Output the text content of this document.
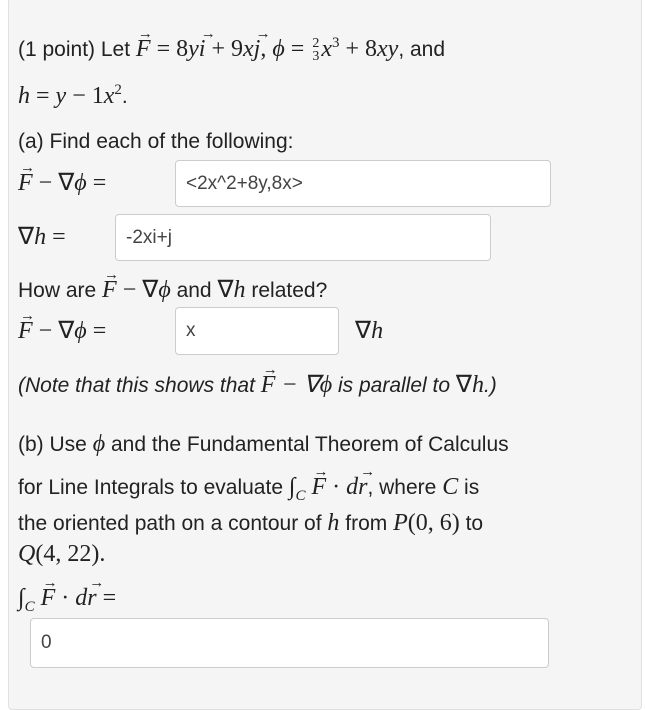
(1 point) Let → F = 8y→ i + 9x→ j, ϕ = 2
$3x^3 + 8xy$, and
$h = y - 1x^2$.
(a) Find each of the following:
→ F − ∇ϕ =	<2x^2+8y,8x>
∇h =	-2xi+j
How are → F − ∇ϕ and ∇h related?
→ F − ∇ϕ =	x	∇h
(Note that this shows that → F − ∇ϕ is parallel to ∇h.)
(b) Use ϕ and the Fundamental Theorem of Calculus
for Line Integrals to evaluate $\int_C \to F \cdot d\to r$, where C is
the oriented path on a contour of h from P(0, 6) to
Q(4, 22).
$\int_C \to F \cdot d\to r$ =
0
